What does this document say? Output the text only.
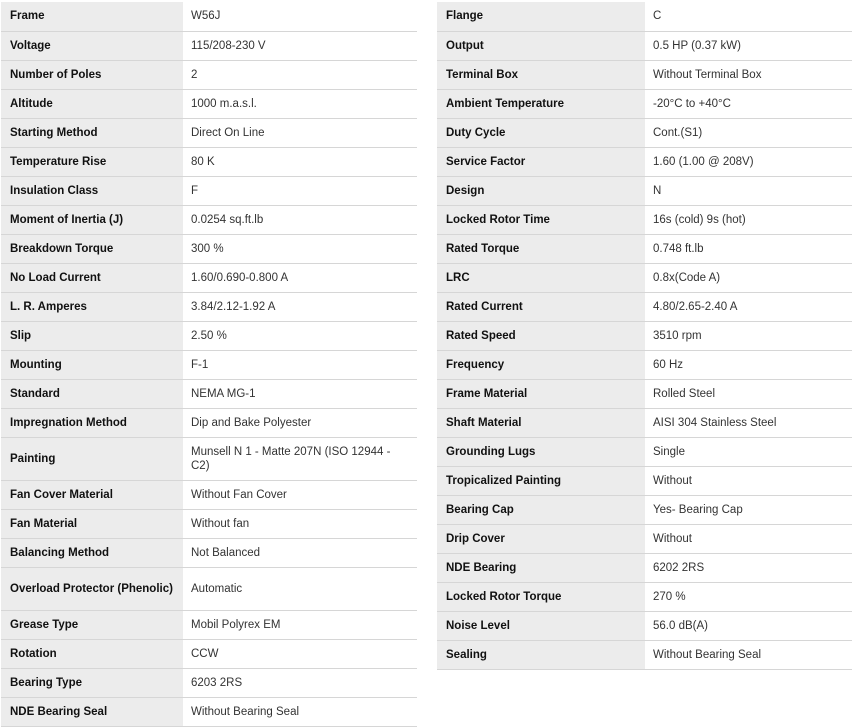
Frame	W56J
Voltage	115/208-230 V
Number of Poles	2
Altitude	1000 m.a.s.l.
Starting Method	Direct On Line
Temperature Rise	80 K
Insulation Class	F
Moment of Inertia (J)	0.0254 sq.ft.lb
Breakdown Torque	300 %
No Load Current	1.60/0.690-0.800 A
L. R. Amperes	3.84/2.12-1.92 A
Slip	2.50 %
Mounting	F-1
Standard	NEMA MG-1
Impregnation Method	Dip and Bake Polyester
Painting	Munsell N 1 - Matte 207N (ISO 12944 - C2)
Fan Cover Material	Without Fan Cover
Fan Material	Without fan
Balancing Method	Not Balanced
Overload Protector (Phenolic)	Automatic
Grease Type	Mobil Polyrex EM
Rotation	CCW
Bearing Type	6203 2RS
NDE Bearing Seal	Without Bearing Seal
Flange	C
Output	0.5 HP (0.37 kW)
Terminal Box	Without Terminal Box
Ambient Temperature	-20°C to +40°C
Duty Cycle	Cont.(S1)
Service Factor	1.60 (1.00 @ 208V)
Design	N
Locked Rotor Time	16s (cold) 9s (hot)
Rated Torque	0.748 ft.lb
LRC	0.8x(Code A)
Rated Current	4.80/2.65-2.40 A
Rated Speed	3510 rpm
Frequency	60 Hz
Frame Material	Rolled Steel
Shaft Material	AISI 304 Stainless Steel
Grounding Lugs	Single
Tropicalized Painting	Without
Bearing Cap	Yes- Bearing Cap
Drip Cover	Without
NDE Bearing	6202 2RS
Locked Rotor Torque	270 %
Noise Level	56.0 dB(A)
Sealing	Without Bearing Seal
